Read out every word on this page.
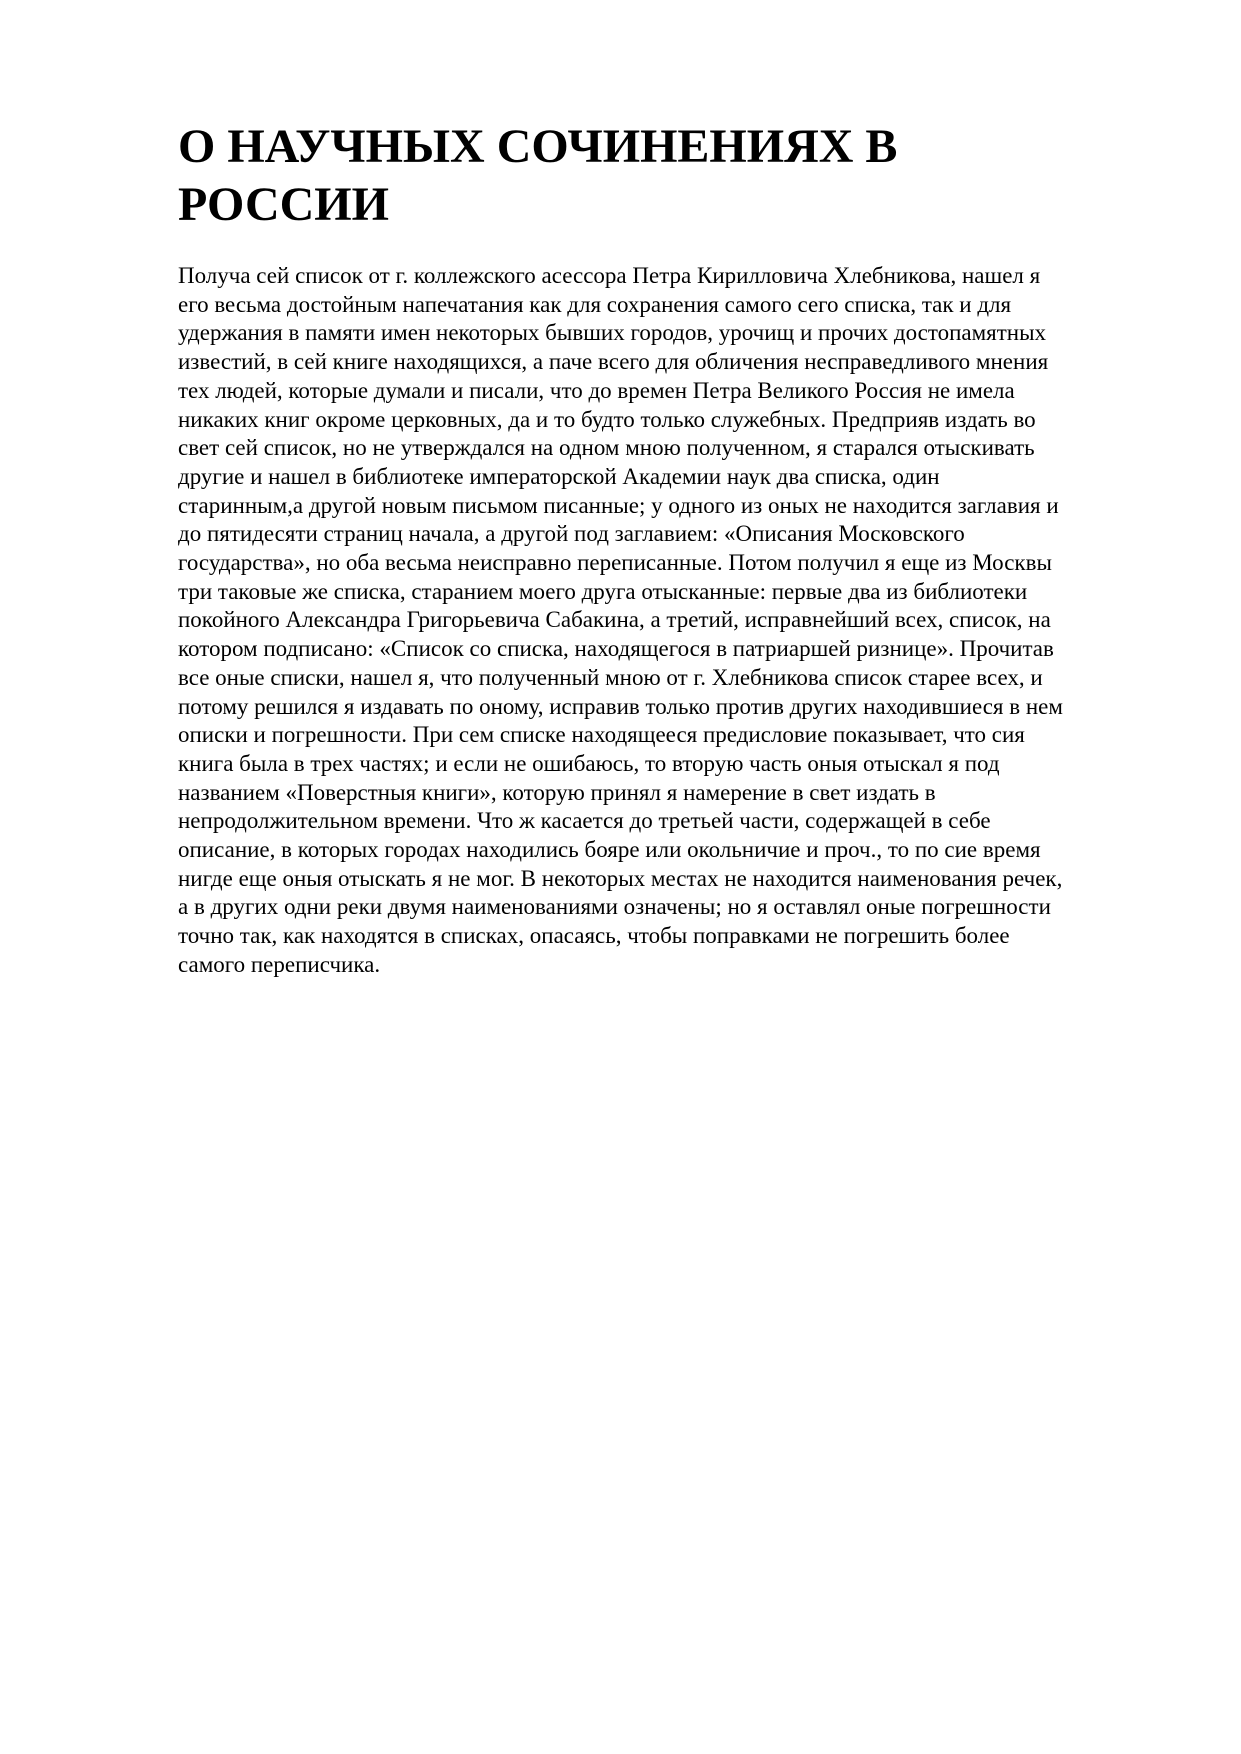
О НАУЧНЫХ СОЧИНЕНИЯХ В
РОССИИ

Получа сей список от г. коллежского асессора Петра Кирилловича Хлебникова, нашел я
его весьма достойным напечатания как для сохранения самого сего списка, так и для
удержания в памяти имен некоторых бывших городов, урочищ и прочих достопамятных
известий, в сей книге находящихся, а паче всего для обличения несправедливого мнения
тех людей, которые думали и писали, что до времен Петра Великого Россия не имела
никаких книг окроме церковных, да и то будто только служебных. Предприяв издать во
свет сей список, но не утверждался на одном мною полученном, я старался отыскивать
другие и нашел в библиотеке императорской Академии наук два списка, один
старинным,а другой новым письмом писанные; у одного из оных не находится заглавия и
до пятидесяти страниц начала, а другой под заглавием: «Описания Московского
государства», но оба весьма неисправно переписанные. Потом получил я еще из Москвы
три таковые же списка, старанием моего друга отысканные: первые два из библиотеки
покойного Александра Григорьевича Сабакина, а третий, исправнейший всех, список, на
котором подписано: «Список со списка, находящегося в патриаршей ризнице». Прочитав
все оные списки, нашел я, что полученный мною от г. Хлебникова список старее всех, и
потому решился я издавать по оному, исправив только против других находившиеся в нем
описки и погрешности. При сем списке находящееся предисловие показывает, что сия
книга была в трех частях; и если не ошибаюсь, то вторую часть оныя отыскал я под
названием «Поверстныя книги», которую принял я намерение в свет издать в
непродолжительном времени. Что ж касается до третьей части, содержащей в себе
описание, в которых городах находились бояре или окольничие и проч., то по сие время
нигде еще оныя отыскать я не мог. В некоторых местах не находится наименования речек,
а в других одни реки двумя наименованиями означены; но я оставлял оные погрешности
точно так, как находятся в списках, опасаясь, чтобы поправками не погрешить более
самого переписчика.
